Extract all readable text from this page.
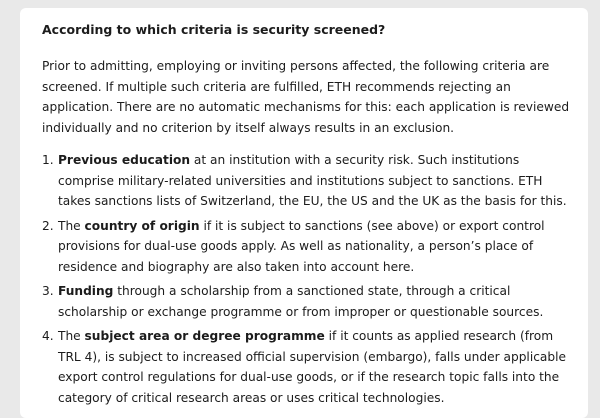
According to which criteria is security screened?

Prior to admitting, employing or inviting persons affected, the following criteria are screened. If multiple such criteria are fulfilled, ETH recommends rejecting an application. There are no automatic mechanisms for this: each application is reviewed individually and no criterion by itself always results in an exclusion.

1. Previous education at an institution with a security risk. Such institutions comprise military-related universities and institutions subject to sanctions. ETH takes sanctions lists of Switzerland, the EU, the US and the UK as the basis for this.
2. The country of origin if it is subject to sanctions (see above) or export control provisions for dual-use goods apply. As well as nationality, a person’s place of residence and biography are also taken into account here.
3. Funding through a scholarship from a sanctioned state, through a critical scholarship or exchange programme or from improper or questionable sources.
4. The subject area or degree programme if it counts as applied research (from TRL 4), is subject to increased official supervision (embargo), falls under applicable export control regulations for dual-use goods, or if the research topic falls into the category of critical research areas or uses critical technologies.
